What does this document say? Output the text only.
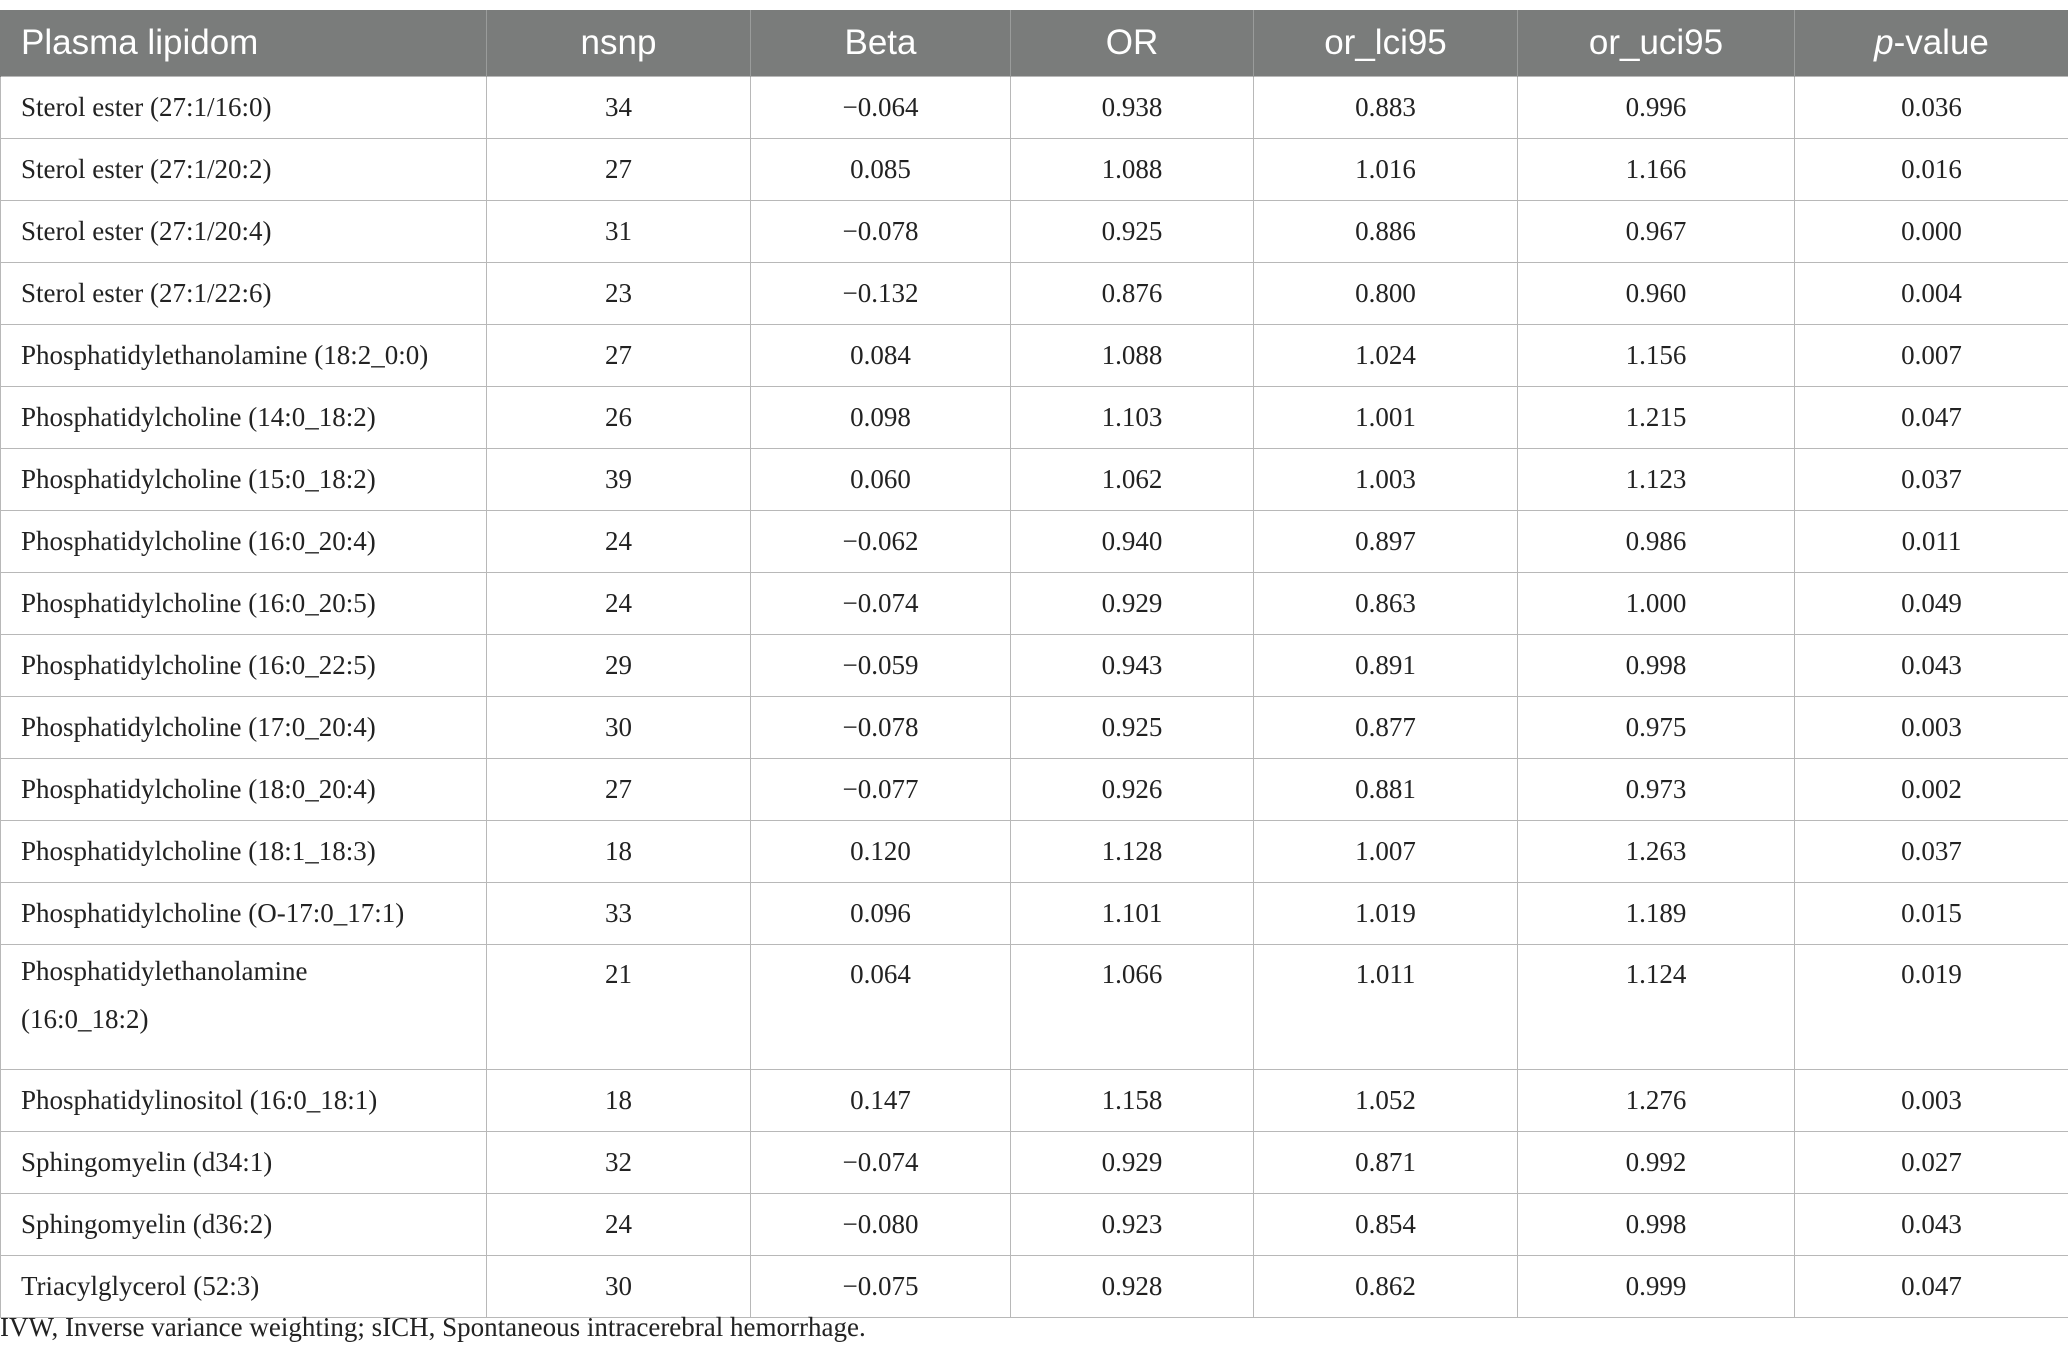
Plasma lipidom	nsnp	Beta	OR	or_lci95	or_uci95	p-value
Sterol ester (27:1/16:0)	34	−0.064	0.938	0.883	0.996	0.036
Sterol ester (27:1/20:2)	27	0.085	1.088	1.016	1.166	0.016
Sterol ester (27:1/20:4)	31	−0.078	0.925	0.886	0.967	0.000
Sterol ester (27:1/22:6)	23	−0.132	0.876	0.800	0.960	0.004
Phosphatidylethanolamine (18:2_0:0)	27	0.084	1.088	1.024	1.156	0.007
Phosphatidylcholine (14:0_18:2)	26	0.098	1.103	1.001	1.215	0.047
Phosphatidylcholine (15:0_18:2)	39	0.060	1.062	1.003	1.123	0.037
Phosphatidylcholine (16:0_20:4)	24	−0.062	0.940	0.897	0.986	0.011
Phosphatidylcholine (16:0_20:5)	24	−0.074	0.929	0.863	1.000	0.049
Phosphatidylcholine (16:0_22:5)	29	−0.059	0.943	0.891	0.998	0.043
Phosphatidylcholine (17:0_20:4)	30	−0.078	0.925	0.877	0.975	0.003
Phosphatidylcholine (18:0_20:4)	27	−0.077	0.926	0.881	0.973	0.002
Phosphatidylcholine (18:1_18:3)	18	0.120	1.128	1.007	1.263	0.037
Phosphatidylcholine (O-17:0_17:1)	33	0.096	1.101	1.019	1.189	0.015
Phosphatidylethanolamine
(16:0_18:2)	21	0.064	1.066	1.011	1.124	0.019
Phosphatidylinositol (16:0_18:1)	18	0.147	1.158	1.052	1.276	0.003
Sphingomyelin (d34:1)	32	−0.074	0.929	0.871	0.992	0.027
Sphingomyelin (d36:2)	24	−0.080	0.923	0.854	0.998	0.043
Triacylglycerol (52:3)	30	−0.075	0.928	0.862	0.999	0.047
IVW, Inverse variance weighting; sICH, Spontaneous intracerebral hemorrhage.
